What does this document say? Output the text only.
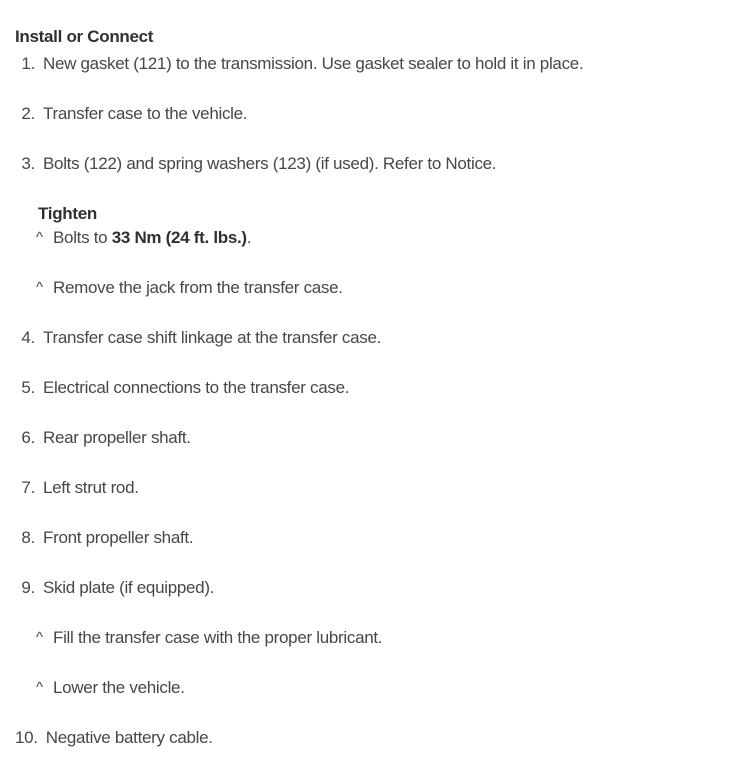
Install or Connect
1. New gasket (121) to the transmission. Use gasket sealer to hold it in place.
2. Transfer case to the vehicle.
3. Bolts (122) and spring washers (123) (if used). Refer to Notice.
Tighten
^ Bolts to 33 Nm (24 ft. lbs.).
^ Remove the jack from the transfer case.
4. Transfer case shift linkage at the transfer case.
5. Electrical connections to the transfer case.
6. Rear propeller shaft.
7. Left strut rod.
8. Front propeller shaft.
9. Skid plate (if equipped).
^ Fill the transfer case with the proper lubricant.
^ Lower the vehicle.
10. Negative battery cable.
